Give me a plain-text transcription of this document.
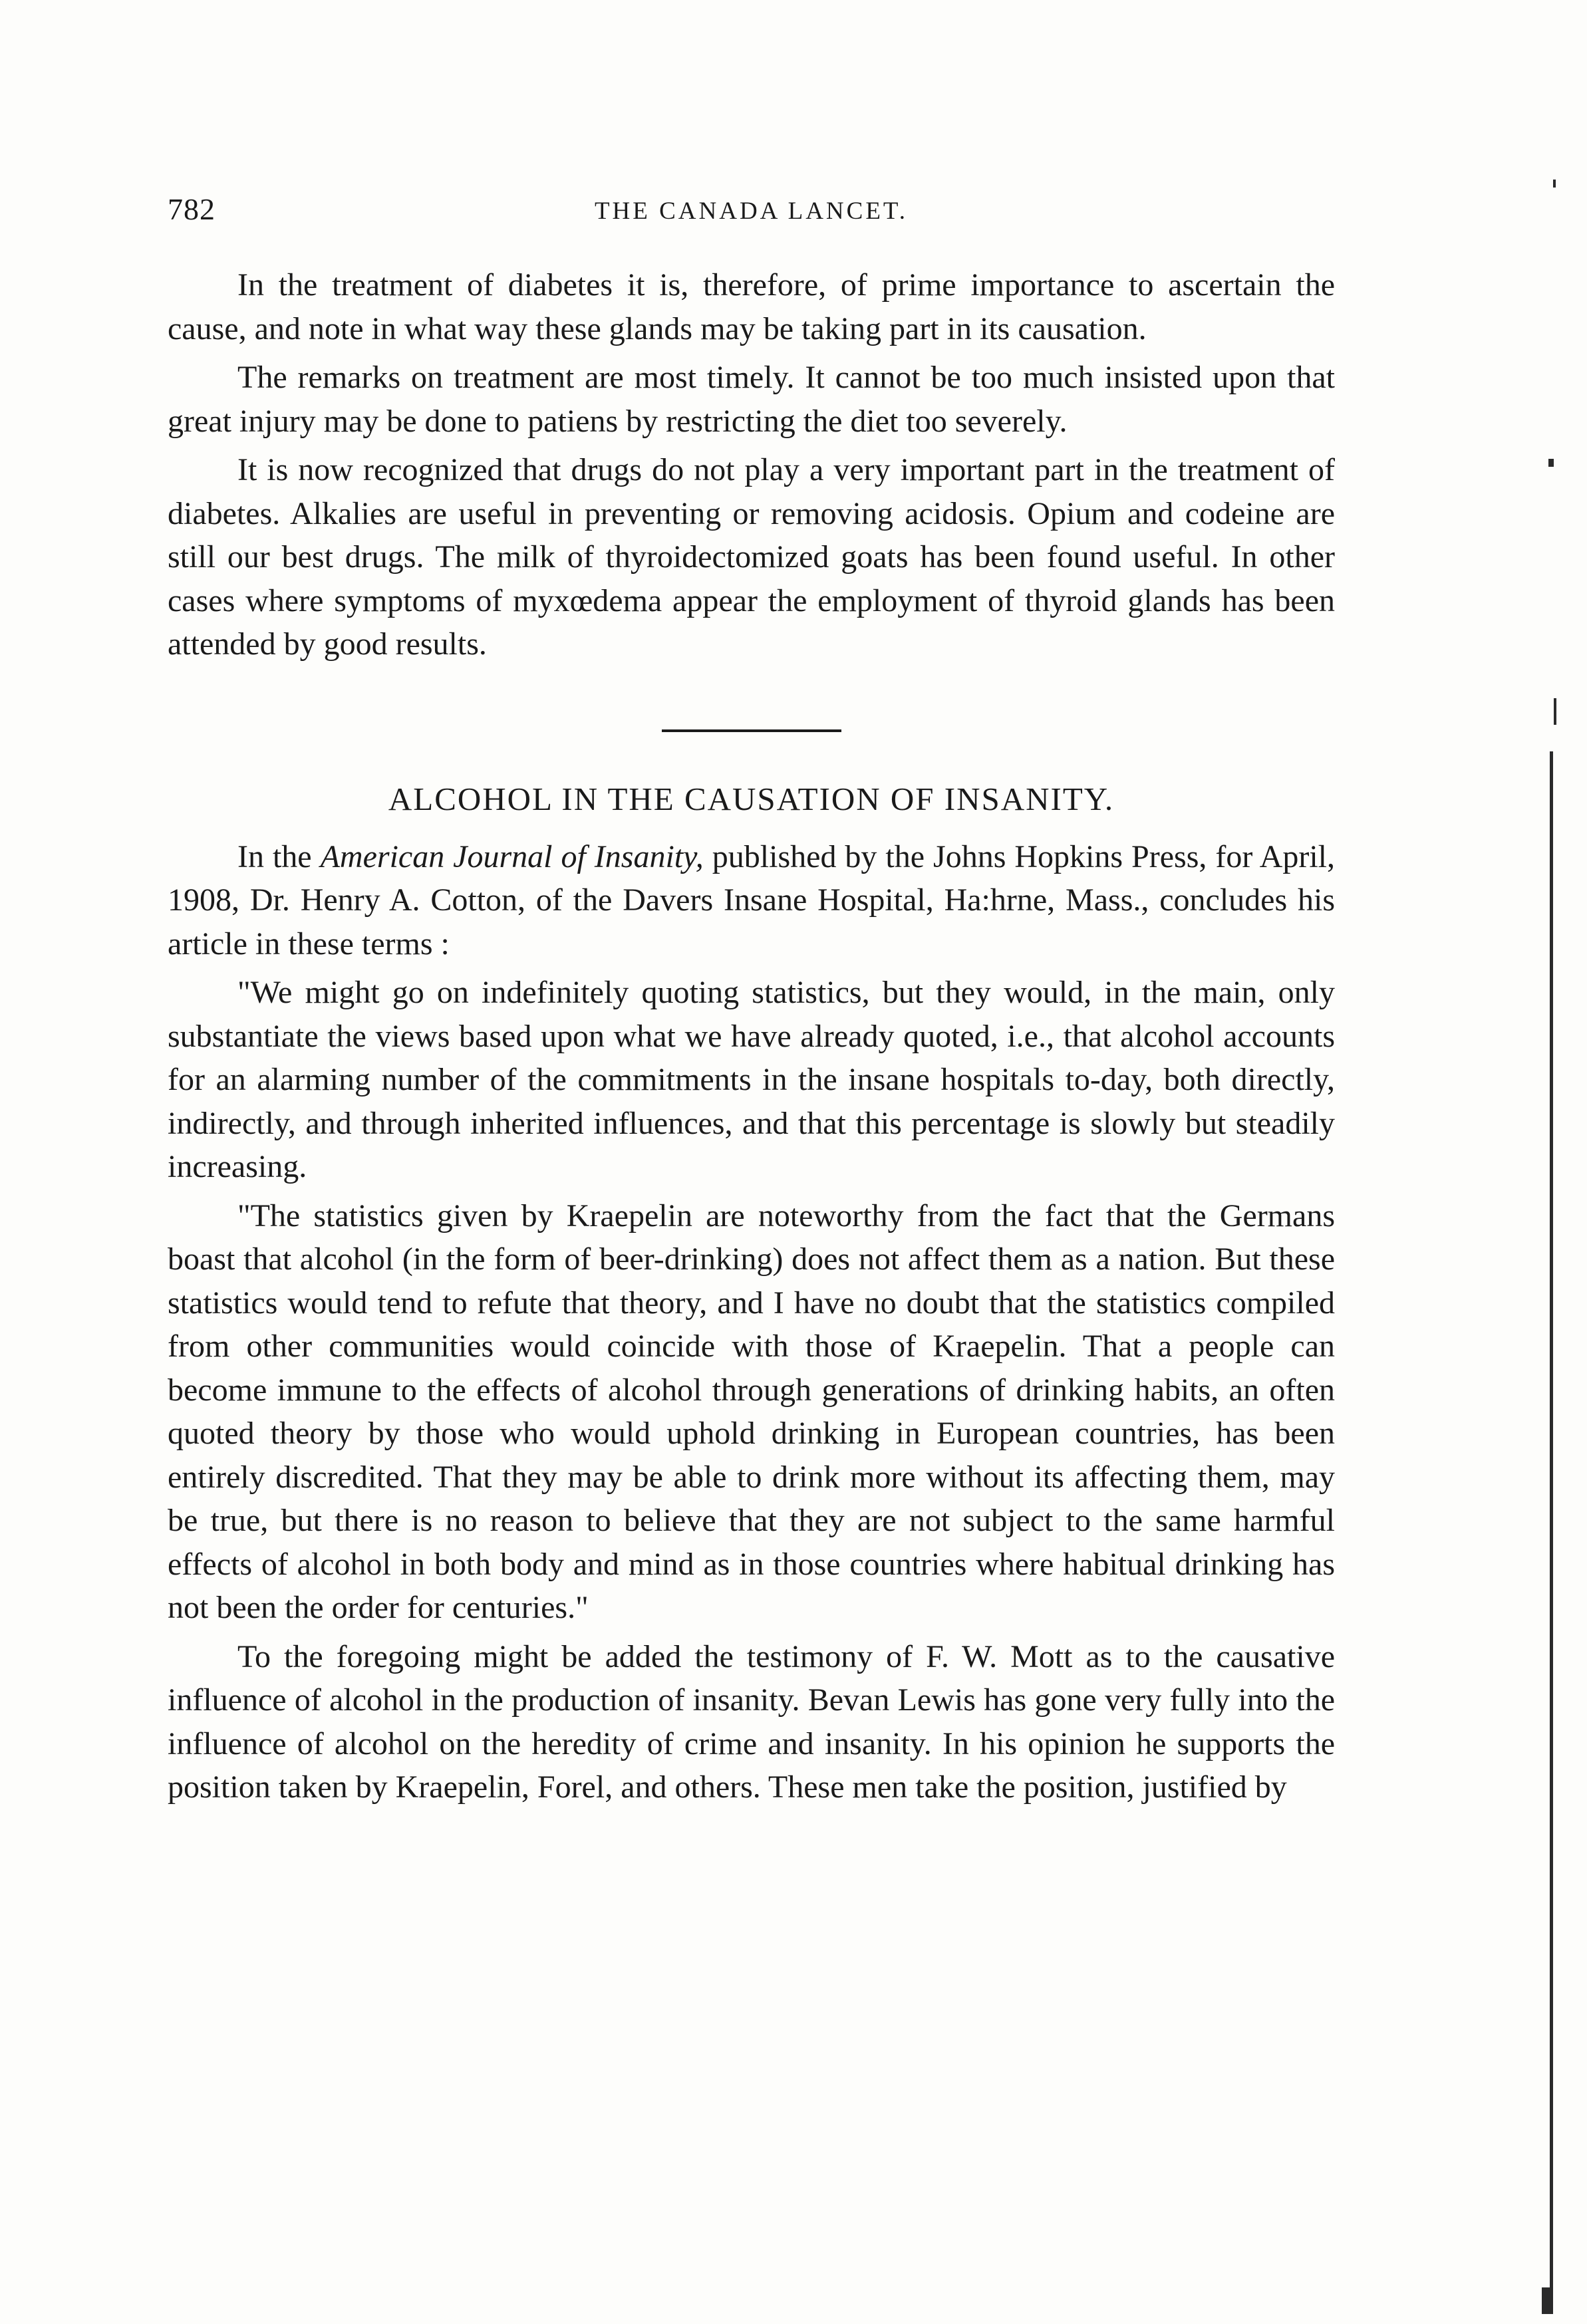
782	THE CANADA LANCET.

In the treatment of diabetes it is, therefore, of prime importance to ascertain the cause, and note in what way these glands may be taking part in its causation.

The remarks on treatment are most timely. It cannot be too much insisted upon that great injury may be done to patiens by restricting the diet too severely.

It is now recognized that drugs do not play a very important part in the treatment of diabetes. Alkalies are useful in preventing or removing acidosis. Opium and codeine are still our best drugs. The milk of thyroidectomized goats has been found useful. In other cases where symptoms of myxœdema appear the employment of thyroid glands has been attended by good results.

ALCOHOL IN THE CAUSATION OF INSANITY.

In the American Journal of Insanity, published by the Johns Hopkins Press, for April, 1908, Dr. Henry A. Cotton, of the Davers Insane Hospital, Ha:hrne, Mass., concludes his article in these terms :

"We might go on indefinitely quoting statistics, but they would, in the main, only substantiate the views based upon what we have already quoted, i.e., that alcohol accounts for an alarming number of the commitments in the insane hospitals to-day, both directly, indirectly, and through inherited influences, and that this percentage is slowly but steadily increasing.

"The statistics given by Kraepelin are noteworthy from the fact that the Germans boast that alcohol (in the form of beer-drinking) does not affect them as a nation. But these statistics would tend to refute that theory, and I have no doubt that the statistics compiled from other communities would coincide with those of Kraepelin. That a people can become immune to the effects of alcohol through generations of drinking habits, an often quoted theory by those who would uphold drinking in European countries, has been entirely discredited. That they may be able to drink more without its affecting them, may be true, but there is no reason to believe that they are not subject to the same harmful effects of alcohol in both body and mind as in those countries where habitual drinking has not been the order for centuries."

To the foregoing might be added the testimony of F. W. Mott as to the causative influence of alcohol in the production of insanity. Bevan Lewis has gone very fully into the influence of alcohol on the heredity of crime and insanity. In his opinion he supports the position taken by Kraepelin, Forel, and others. These men take the position, justified by
